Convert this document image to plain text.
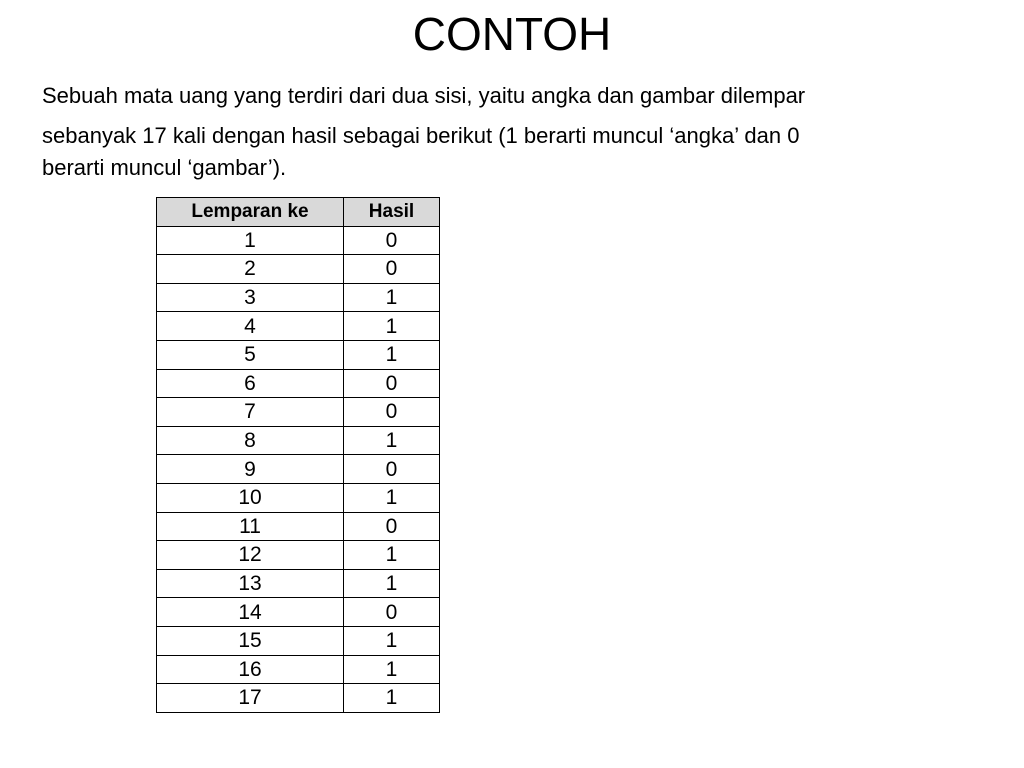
CONTOH
Sebuah mata uang yang terdiri dari dua sisi, yaitu angka dan gambar dilempar
sebanyak 17 kali dengan hasil sebagai berikut (1 berarti muncul ‘angka’ dan 0
berarti muncul ‘gambar’).
Lemparan ke	Hasil
1	0
2	0
3	1
4	1
5	1
6	0
7	0
8	1
9	0
10	1
11	0
12	1
13	1
14	0
15	1
16	1
17	1
